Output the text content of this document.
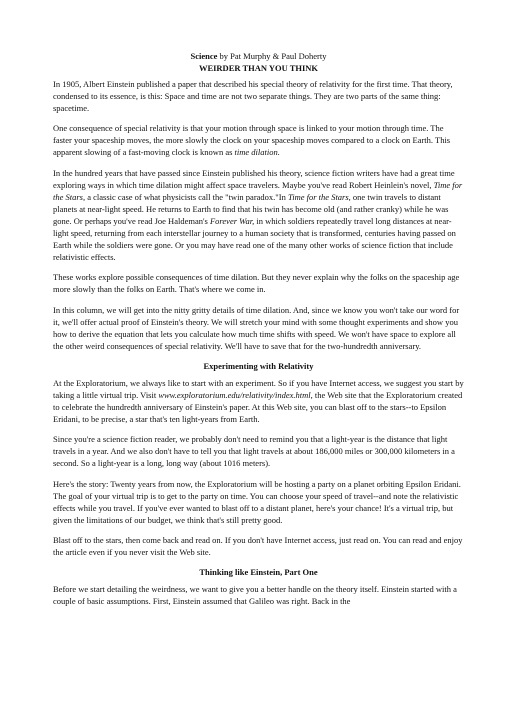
Science by Pat Murphy & Paul Doherty
WEIRDER THAN YOU THINK

In 1905, Albert Einstein published a paper that described his special theory of relativity for the first time. That theory, condensed to its essence, is this: Space and time are not two separate things. They are two parts of the same thing: spacetime.

One consequence of special relativity is that your motion through space is linked to your motion through time. The faster your spaceship moves, the more slowly the clock on your spaceship moves compared to a clock on Earth. This apparent slowing of a fast-moving clock is known as time dilation.

In the hundred years that have passed since Einstein published his theory, science fiction writers have had a great time exploring ways in which time dilation might affect space travelers. Maybe you've read Robert Heinlein's novel, Time for the Stars, a classic case of what physicists call the "twin paradox."In Time for the Stars, one twin travels to distant planets at near-light speed. He returns to Earth to find that his twin has become old (and rather cranky) while he was gone. Or perhaps you've read Joe Haldeman's Forever War, in which soldiers repeatedly travel long distances at near-light speed, returning from each interstellar journey to a human society that is transformed, centuries having passed on Earth while the soldiers were gone. Or you may have read one of the many other works of science fiction that include relativistic effects.

These works explore possible consequences of time dilation. But they never explain why the folks on the spaceship age more slowly than the folks on Earth. That's where we come in.

In this column, we will get into the nitty gritty details of time dilation. And, since we know you won't take our word for it, we'll offer actual proof of Einstein's theory. We will stretch your mind with some thought experiments and show you how to derive the equation that lets you calculate how much time shifts with speed. We won't have space to explore all the other weird consequences of special relativity. We'll have to save that for the two-hundredth anniversary.

Experimenting with Relativity

At the Exploratorium, we always like to start with an experiment. So if you have Internet access, we suggest you start by taking a little virtual trip. Visit www.exploratorium.edu/relativity/index.html, the Web site that the Exploratorium created to celebrate the hundredth anniversary of Einstein's paper. At this Web site, you can blast off to the stars--to Epsilon Eridani, to be precise, a star that's ten light-years from Earth.

Since you're a science fiction reader, we probably don't need to remind you that a light-year is the distance that light travels in a year. And we also don't have to tell you that light travels at about 186,000 miles or 300,000 kilometers in a second. So a light-year is a long, long way (about 1016 meters).

Here's the story: Twenty years from now, the Exploratorium will be hosting a party on a planet orbiting Epsilon Eridani. The goal of your virtual trip is to get to the party on time. You can choose your speed of travel--and note the relativistic effects while you travel. If you've ever wanted to blast off to a distant planet, here's your chance! It's a virtual trip, but given the limitations of our budget, we think that's still pretty good.

Blast off to the stars, then come back and read on. If you don't have Internet access, just read on. You can read and enjoy the article even if you never visit the Web site.

Thinking like Einstein, Part One

Before we start detailing the weirdness, we want to give you a better handle on the theory itself. Einstein started with a couple of basic assumptions. First, Einstein assumed that Galileo was right. Back in the
